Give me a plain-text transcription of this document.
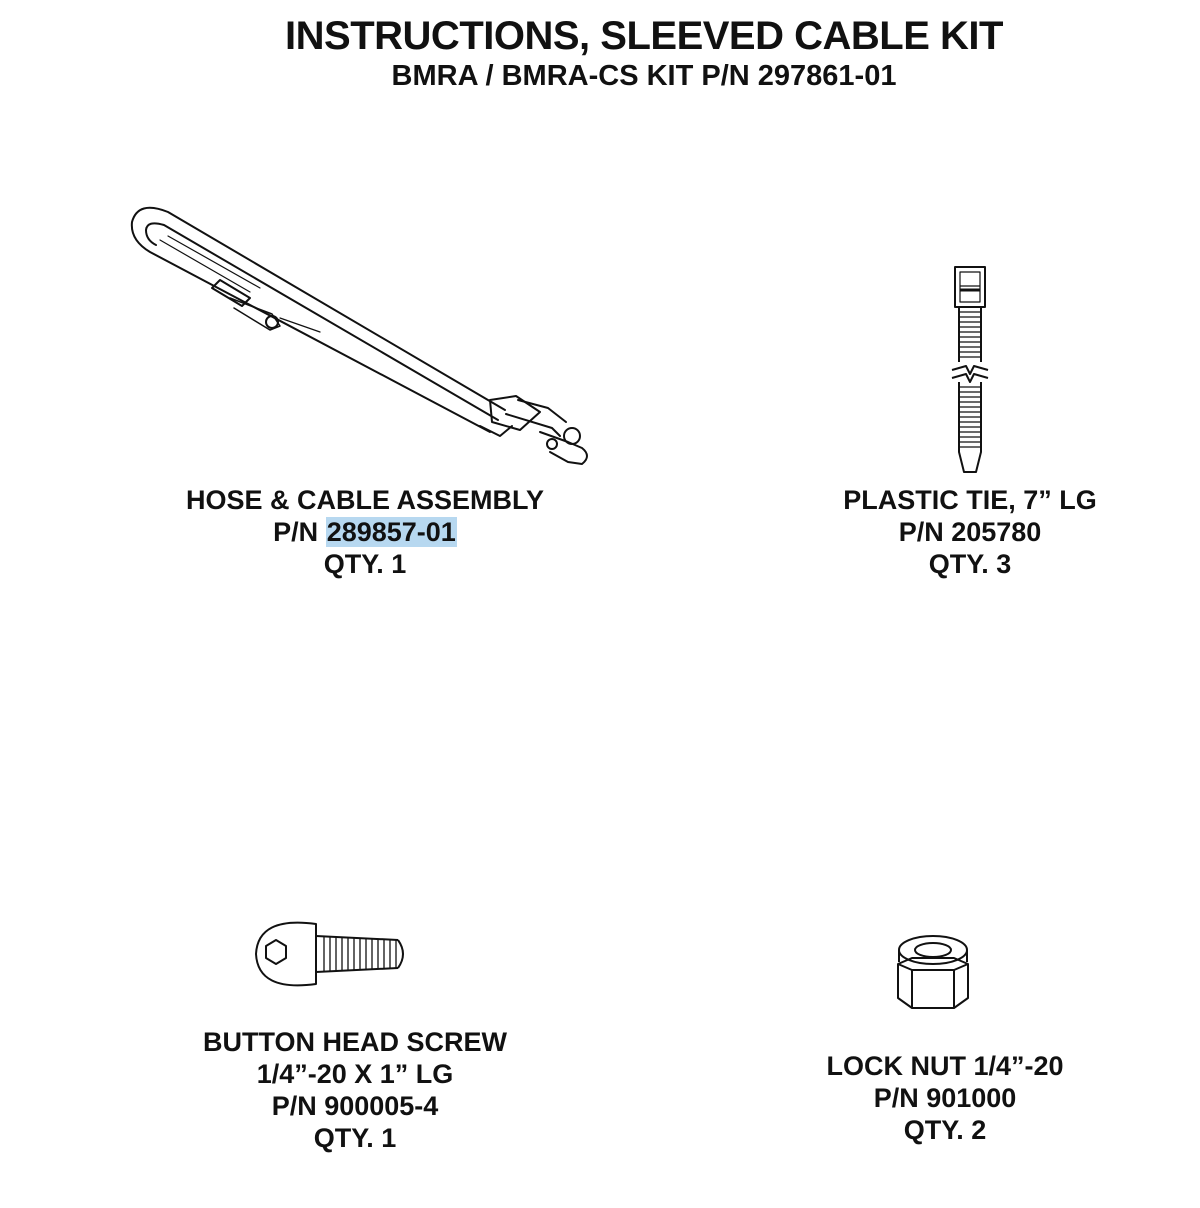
INSTRUCTIONS, SLEEVED CABLE KIT
BMRA / BMRA-CS KIT P/N 297861-01
HOSE & CABLE ASSEMBLY
P/N 289857-01
QTY. 1
PLASTIC TIE, 7” LG
P/N 205780
QTY. 3
BUTTON HEAD SCREW
1/4”-20 X 1” LG
P/N 900005-4
QTY. 1
LOCK NUT 1/4”-20
P/N 901000
QTY. 2
